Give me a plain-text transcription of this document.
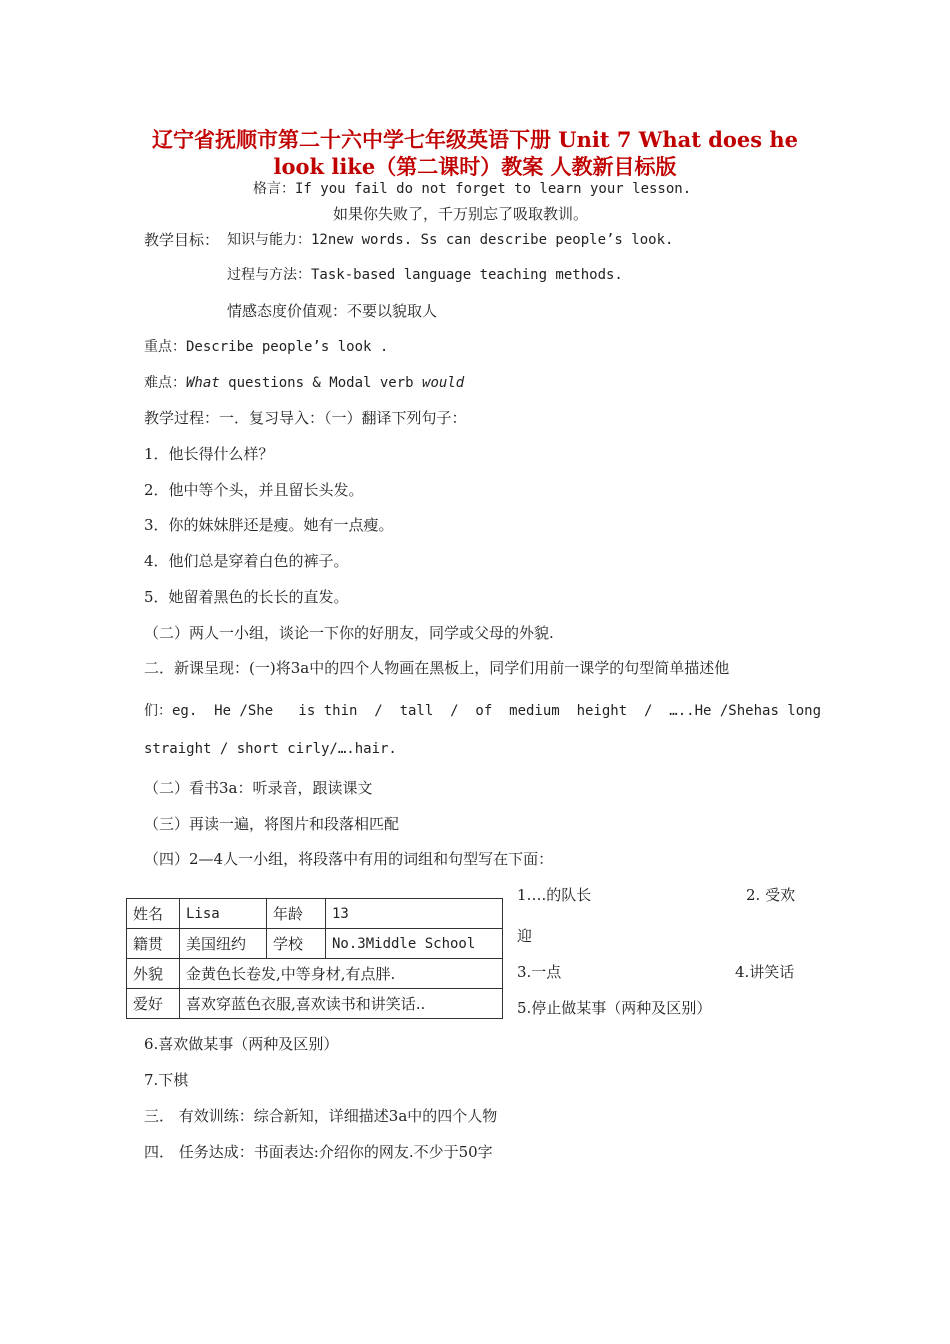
辽宁省抚顺市第二十六中学七年级英语下册 Unit 7 What does he
look like（第二课时）教案 人教新目标版
格言：If you fail do not forget to learn your lesson.
如果你失败了，千万别忘了吸取教训。
教学目标： 知识与能力：12new words. Ss can describe people’s look.
过程与方法：Task-based language teaching methods.
情感态度价值观：不要以貌取人
重点：Describe people’s look .
难点：What questions & Modal verb would
教学过程：一．复习导入：（一）翻译下列句子：
1．他长得什么样？
2．他中等个头，并且留长头发。
3．你的妹妹胖还是瘦。她有一点瘦。
4．他们总是穿着白色的裤子。
5．她留着黑色的长长的直发。
（二）两人一小组，谈论一下你的好朋友，同学或父母的外貌.
二．新课呈现：(一)将3a中的四个人物画在黑板上，同学们用前一课学的句型简单描述他
们：eg.  He /She   is thin  /  tall  /  of  medium  height  /  …..He /Shehas long
straight / short cirly/….hair.
（二）看书3a：听录音，跟读课文
（三）再读一遍，将图片和段落相匹配
（四）2—4人一小组，将段落中有用的词组和句型写在下面：
姓名	Lisa	年龄	13
籍贯	美国纽约	学校	No.3Middle School
外貌	金黄色长卷发,中等身材,有点胖.		
爱好	喜欢穿蓝色衣服,喜欢读书和讲笑话..		
1….的队长	2. 受欢
迎
3.一点	4.讲笑话
5.停止做某事（两种及区别）
6.喜欢做某事（两种及区别）
7.下棋
三． 有效训练：综合新知，详细描述3a中的四个人物
四． 任务达成：书面表达:介绍你的网友.不少于50字
